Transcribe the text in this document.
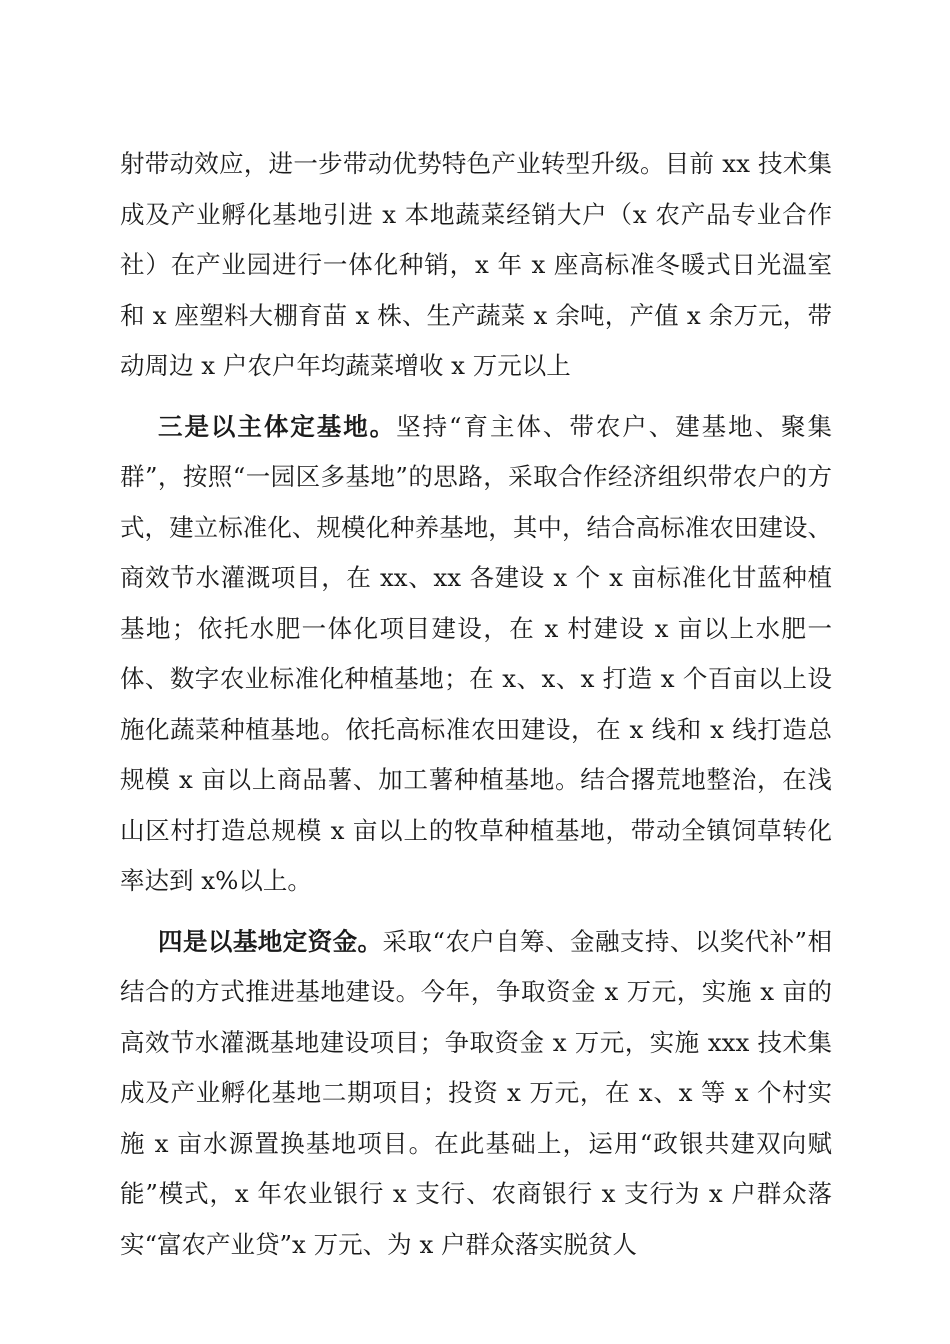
射带动效应，进一步带动优势特色产业转型升级。目前 xx 技术集成及产业孵化基地引进 x 本地蔬菜经销大户（x 农产品专业合作社）在产业园进行一体化种销，x 年 x 座高标准冬暖式日光温室和 x 座塑料大棚育苗 x 株、生产蔬菜 x 余吨，产值 x 余万元，带动周边 x 户农户年均蔬菜增收 x 万元以上

三是以主体定基地。坚持“育主体、带农户、建基地、聚集群”，按照“一园区多基地”的思路，采取合作经济组织带农户的方式，建立标准化、规模化种养基地，其中，结合高标准农田建设、商效节水灌溉项目，在 xx、xx 各建设 x 个 x 亩标准化甘蓝种植基地；依托水肥一体化项目建设，在 x 村建设 x 亩以上水肥一体、数字农业标准化种植基地；在 x、x、x 打造 x 个百亩以上设施化蔬菜种植基地。依托高标准农田建设，在 x 线和 x 线打造总规模 x 亩以上商品薯、加工薯种植基地。结合撂荒地整治，在浅山区村打造总规模 x 亩以上的牧草种植基地，带动全镇饲草转化率达到 x%以上。

四是以基地定资金。采取“农户自筹、金融支持、以奖代补”相结合的方式推进基地建设。今年，争取资金 x 万元，实施 x 亩的高效节水灌溉基地建设项目；争取资金 x 万元，实施 xxx 技术集成及产业孵化基地二期项目；投资 x 万元，在 x、x 等 x 个村实施 x 亩水源置换基地项目。在此基础上，运用“政银共建双向赋能”模式，x 年农业银行 x 支行、农商银行 x 支行为 x 户群众落实“富农产业贷”x 万元、为 x 户群众落实脱贫人
